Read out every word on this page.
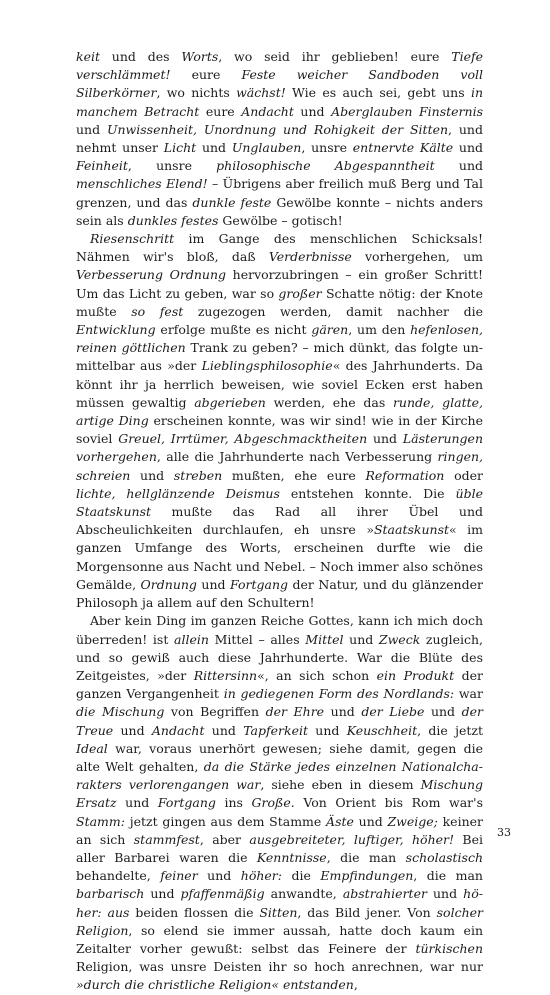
keit und des Worts, wo seid ihr geblieben! eure Tiefe verschlämmet! eure Feste weicher Sandboden voll Silberkörner, wo nichts wächst! Wie es auch sei, gebt uns in manchem Betracht eure Andacht und Aberglauben Finsternis und Unwissenheit, Unordnung und Rohigkeit der Sitten, und nehmt unser Licht und Unglauben, unsre entnervte Kälte und Feinheit, unsre philosophische Abgespanntheit und menschliches Elend! – Übrigens aber freilich muß Berg und Tal grenzen, und das dunkle feste Gewölbe konnte – nichts anders sein als dunkles festes Gewölbe – gotisch!

Riesenschritt im Gange des menschlichen Schicksals! Nähmen wir's bloß, daß Verderbnisse vorhergehen, um Verbesserung Ordnung hervorzubringen – ein großer Schritt! Um das Licht zu geben, war so großer Schatte nötig: der Knote mußte so fest zugezogen werden, damit nachher die Entwicklung erfolge mußte es nicht gären, um den hefenlosen, reinen göttlichen Trank zu geben? – mich dünkt, das folgte unmittelbar aus »der Lieblingsphilosophie« des Jahrhunderts. Da könnt ihr ja herrlich beweisen, wie soviel Ecken erst haben müssen gewaltig abgerieben werden, ehe das runde, glatte, artige Ding erscheinen konnte, was wir sind! wie in der Kirche soviel Greuel, Irrtümer, Abgeschmacktheiten und Lästerungen vorhergehen, alle die Jahrhunderte nach Verbesserung ringen, schreien und streben mußten, ehe eure Reformation oder lichte, hellglänzende Deismus entstehen konnte. Die üble Staatskunst mußte das Rad all ihrer Übel und Abscheulichkeiten durchlaufen, eh unsre »Staatskunst« im ganzen Umfange des Worts, erscheinen durfte wie die Morgensonne aus Nacht und Nebel. – Noch immer also schönes Gemälde, Ordnung und Fortgang der Natur, und du glänzender Philosoph ja allem auf den Schultern!

Aber kein Ding im ganzen Reiche Gottes, kann ich mich doch überreden! ist allein Mittel – alles Mittel und Zweck zugleich, und so gewiß auch diese Jahrhunderte. War die Blüte des Zeitgeistes, »der Rittersinn«, an sich schon ein Produkt der ganzen Vergangenheit in gediegenen Form des Nordlands: war die Mischung von Begriffen der Ehre und der Liebe und der Treue und Andacht und Tapferkeit und Keuschheit, die jetzt Ideal war, voraus unerhört gewesen; siehe damit, gegen die alte Welt gehalten, da die Stärke jedes einzelnen Nationalcharakters verlorengangen war, siehe eben in diesem Mischung Ersatz und Fortgang ins Große. Von Orient bis Rom war's Stamm: jetzt gingen aus dem Stamme Äste und Zweige; keiner an sich stammfest, aber ausgebreiteter, luftiger, höher! Bei aller Barbarei waren die Kenntnisse, die man scholastisch behandelte, feiner und höher: die Empfindungen, die man barbarisch und pfaffenmäßig anwandte, abstrahierter und höher: aus beiden flossen die Sitten, das Bild jener. Von solcher Religion, so elend sie immer aussah, hatte doch kaum ein Zeitalter vorher gewußt: selbst das Feinere der türkischen Religion, was unsre Deisten ihr so hoch anrechnen, war nur »durch die christliche Religion« entstanden,

33
